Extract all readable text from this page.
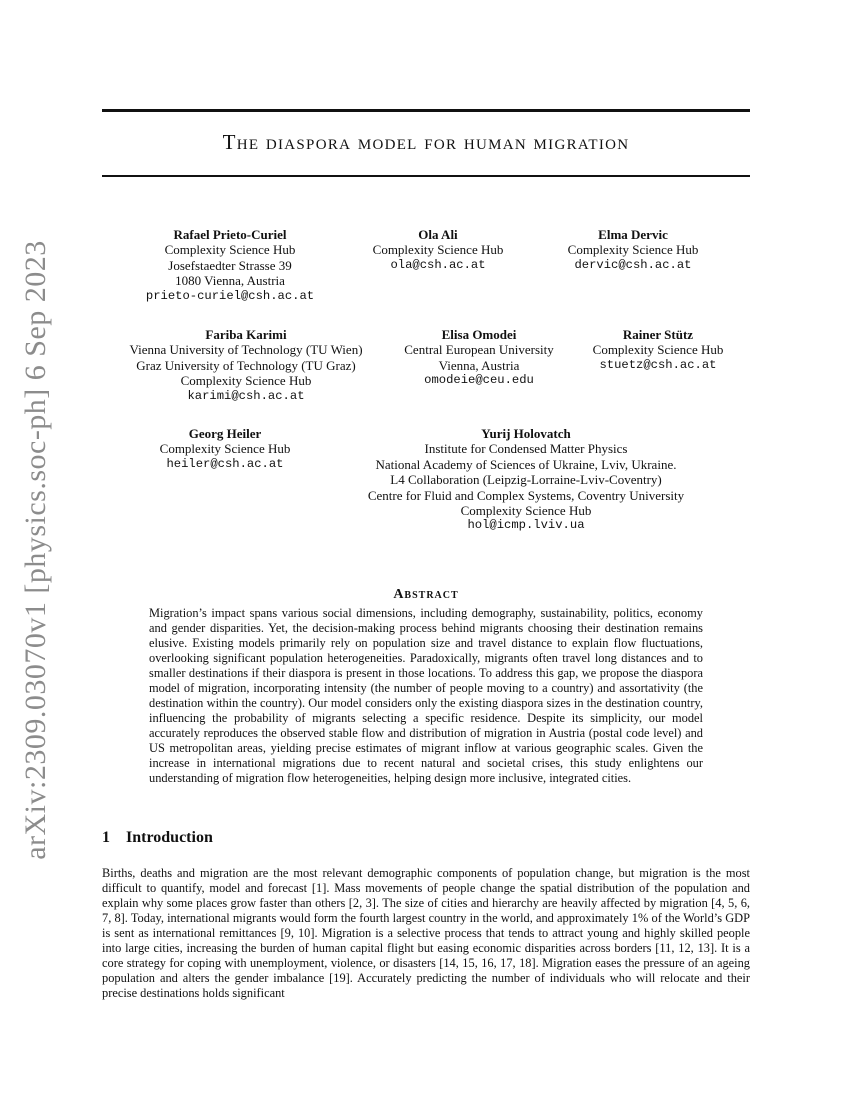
arXiv:2309.03070v1 [physics.soc-ph] 6 Sep 2023
The diaspora model for human migration
Rafael Prieto-Curiel
Complexity Science Hub
Josefstaedter Strasse 39
1080 Vienna, Austria
prieto-curiel@csh.ac.at
Ola Ali
Complexity Science Hub
ola@csh.ac.at
Elma Dervic
Complexity Science Hub
dervic@csh.ac.at
Fariba Karimi
Vienna University of Technology (TU Wien)
Graz University of Technology (TU Graz)
Complexity Science Hub
karimi@csh.ac.at
Elisa Omodei
Central European University
Vienna, Austria
omodeie@ceu.edu
Rainer Stütz
Complexity Science Hub
stuetz@csh.ac.at
Georg Heiler
Complexity Science Hub
heiler@csh.ac.at
Yurij Holovatch
Institute for Condensed Matter Physics
National Academy of Sciences of Ukraine, Lviv, Ukraine.
L4 Collaboration (Leipzig-Lorraine-Lviv-Coventry)
Centre for Fluid and Complex Systems, Coventry University
Complexity Science Hub
hol@icmp.lviv.ua
Abstract

Migration’s impact spans various social dimensions, including demography, sustainability, politics, economy and gender disparities. Yet, the decision-making process behind migrants choosing their destination remains elusive. Existing models primarily rely on population size and travel distance to explain flow fluctuations, overlooking significant population heterogeneities. Paradoxically, migrants often travel long distances and to smaller destinations if their diaspora is present in those locations. To address this gap, we propose the diaspora model of migration, incorporating intensity (the number of people moving to a country) and assortativity (the destination within the country). Our model considers only the existing diaspora sizes in the destination country, influencing the probability of migrants selecting a specific residence. Despite its simplicity, our model accurately reproduces the observed stable flow and distribution of migration in Austria (postal code level) and US metropolitan areas, yielding precise estimates of migrant inflow at various geographic scales. Given the increase in international migrations due to recent natural and societal crises, this study enlightens our understanding of migration flow heterogeneities, helping design more inclusive, integrated cities.

1 Introduction

Births, deaths and migration are the most relevant demographic components of population change, but migration is the most difficult to quantify, model and forecast [1]. Mass movements of people change the spatial distribution of the population and explain why some places grow faster than others [2, 3]. The size of cities and hierarchy are heavily affected by migration [4, 5, 6, 7, 8]. Today, international migrants would form the fourth largest country in the world, and approximately 1% of the World’s GDP is sent as international remittances [9, 10]. Migration is a selective process that tends to attract young and highly skilled people into large cities, increasing the burden of human capital flight but easing economic disparities across borders [11, 12, 13]. It is a core strategy for coping with unemployment, violence, or disasters [14, 15, 16, 17, 18]. Migration eases the pressure of an ageing population and alters the gender imbalance [19]. Accurately predicting the number of individuals who will relocate and their precise destinations holds significant
